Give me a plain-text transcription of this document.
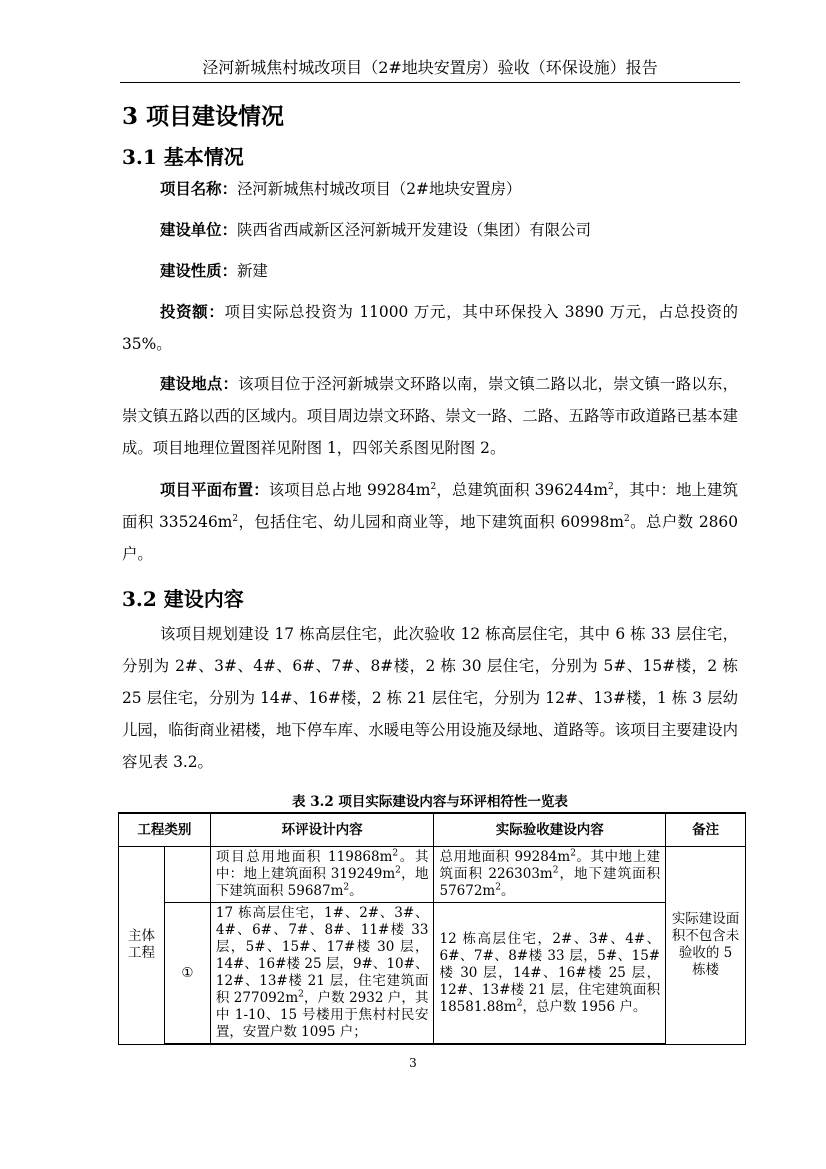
泾河新城焦村城改项目（2#地块安置房）验收（环保设施）报告
3 项目建设情况
3.1 基本情况
项目名称：泾河新城焦村城改项目（2#地块安置房）
建设单位：陕西省西咸新区泾河新城开发建设（集团）有限公司
建设性质：新建
投资额：项目实际总投资为 11000 万元，其中环保投入 3890 万元，占总投资的 35%。
建设地点：该项目位于泾河新城崇文环路以南，崇文镇二路以北，崇文镇一路以东，崇文镇五路以西的区域内。项目周边崇文环路、崇文一路、二路、五路等市政道路已基本建成。项目地理位置图祥见附图 1，四邻关系图见附图 2。
项目平面布置：该项目总占地 $99284m^2$，总建筑面积 $396244m^2$，其中：地上建筑面积 $335246m^2$，包括住宅、幼儿园和商业等，地下建筑面积 $60998m^2$。总户数 2860 户。
3.2 建设内容
该项目规划建设 17 栋高层住宅，此次验收 12 栋高层住宅，其中 6 栋 33 层住宅，分别为 2#、3#、4#、6#、7#、8#楼，2 栋 30 层住宅，分别为 5#、15#楼，2 栋 25 层住宅，分别为 14#、16#楼，2 栋 21 层住宅，分别为 12#、13#楼，1 栋 3 层幼儿园，临街商业裙楼，地下停车库、水暖电等公用设施及绿地、道路等。该项目主要建设内容见表 3.2。
表 3.2 项目实际建设内容与环评相符性一览表
工程类别		环评设计内容	实际验收建设内容	备注
主体工程		项目总用地面积 $119868m^2$。其中：地上建筑面积 $319249m^2$，地下建筑面积 $59687m^2$。	总用地面积 $99284m^2$。其中地上建筑面积 $226303m^2$，地下建筑面积 $57672m^2$。	实际建设面积不包含未验收的 5 栋楼
	①	17 栋高层住宅，1#、2#、3#、4#、6#、7#、8#、11#楼 33 层，5#、15#、17#楼 30 层，14#、16#楼 25 层，9#、10#、12#、13#楼 21 层，住宅建筑面积 $277092m^2$，户数 2932 户，其中 1-10、15 号楼用于焦村村民安置，安置户数 1095 户；	12 栋高层住宅，2#、3#、4#、6#、7#、8#楼 33 层，5#、15#楼 30 层，14#、16#楼 25 层，12#、13#楼 21 层，住宅建筑面积 $18581.88m^2$，总户数 1956 户。	
3
